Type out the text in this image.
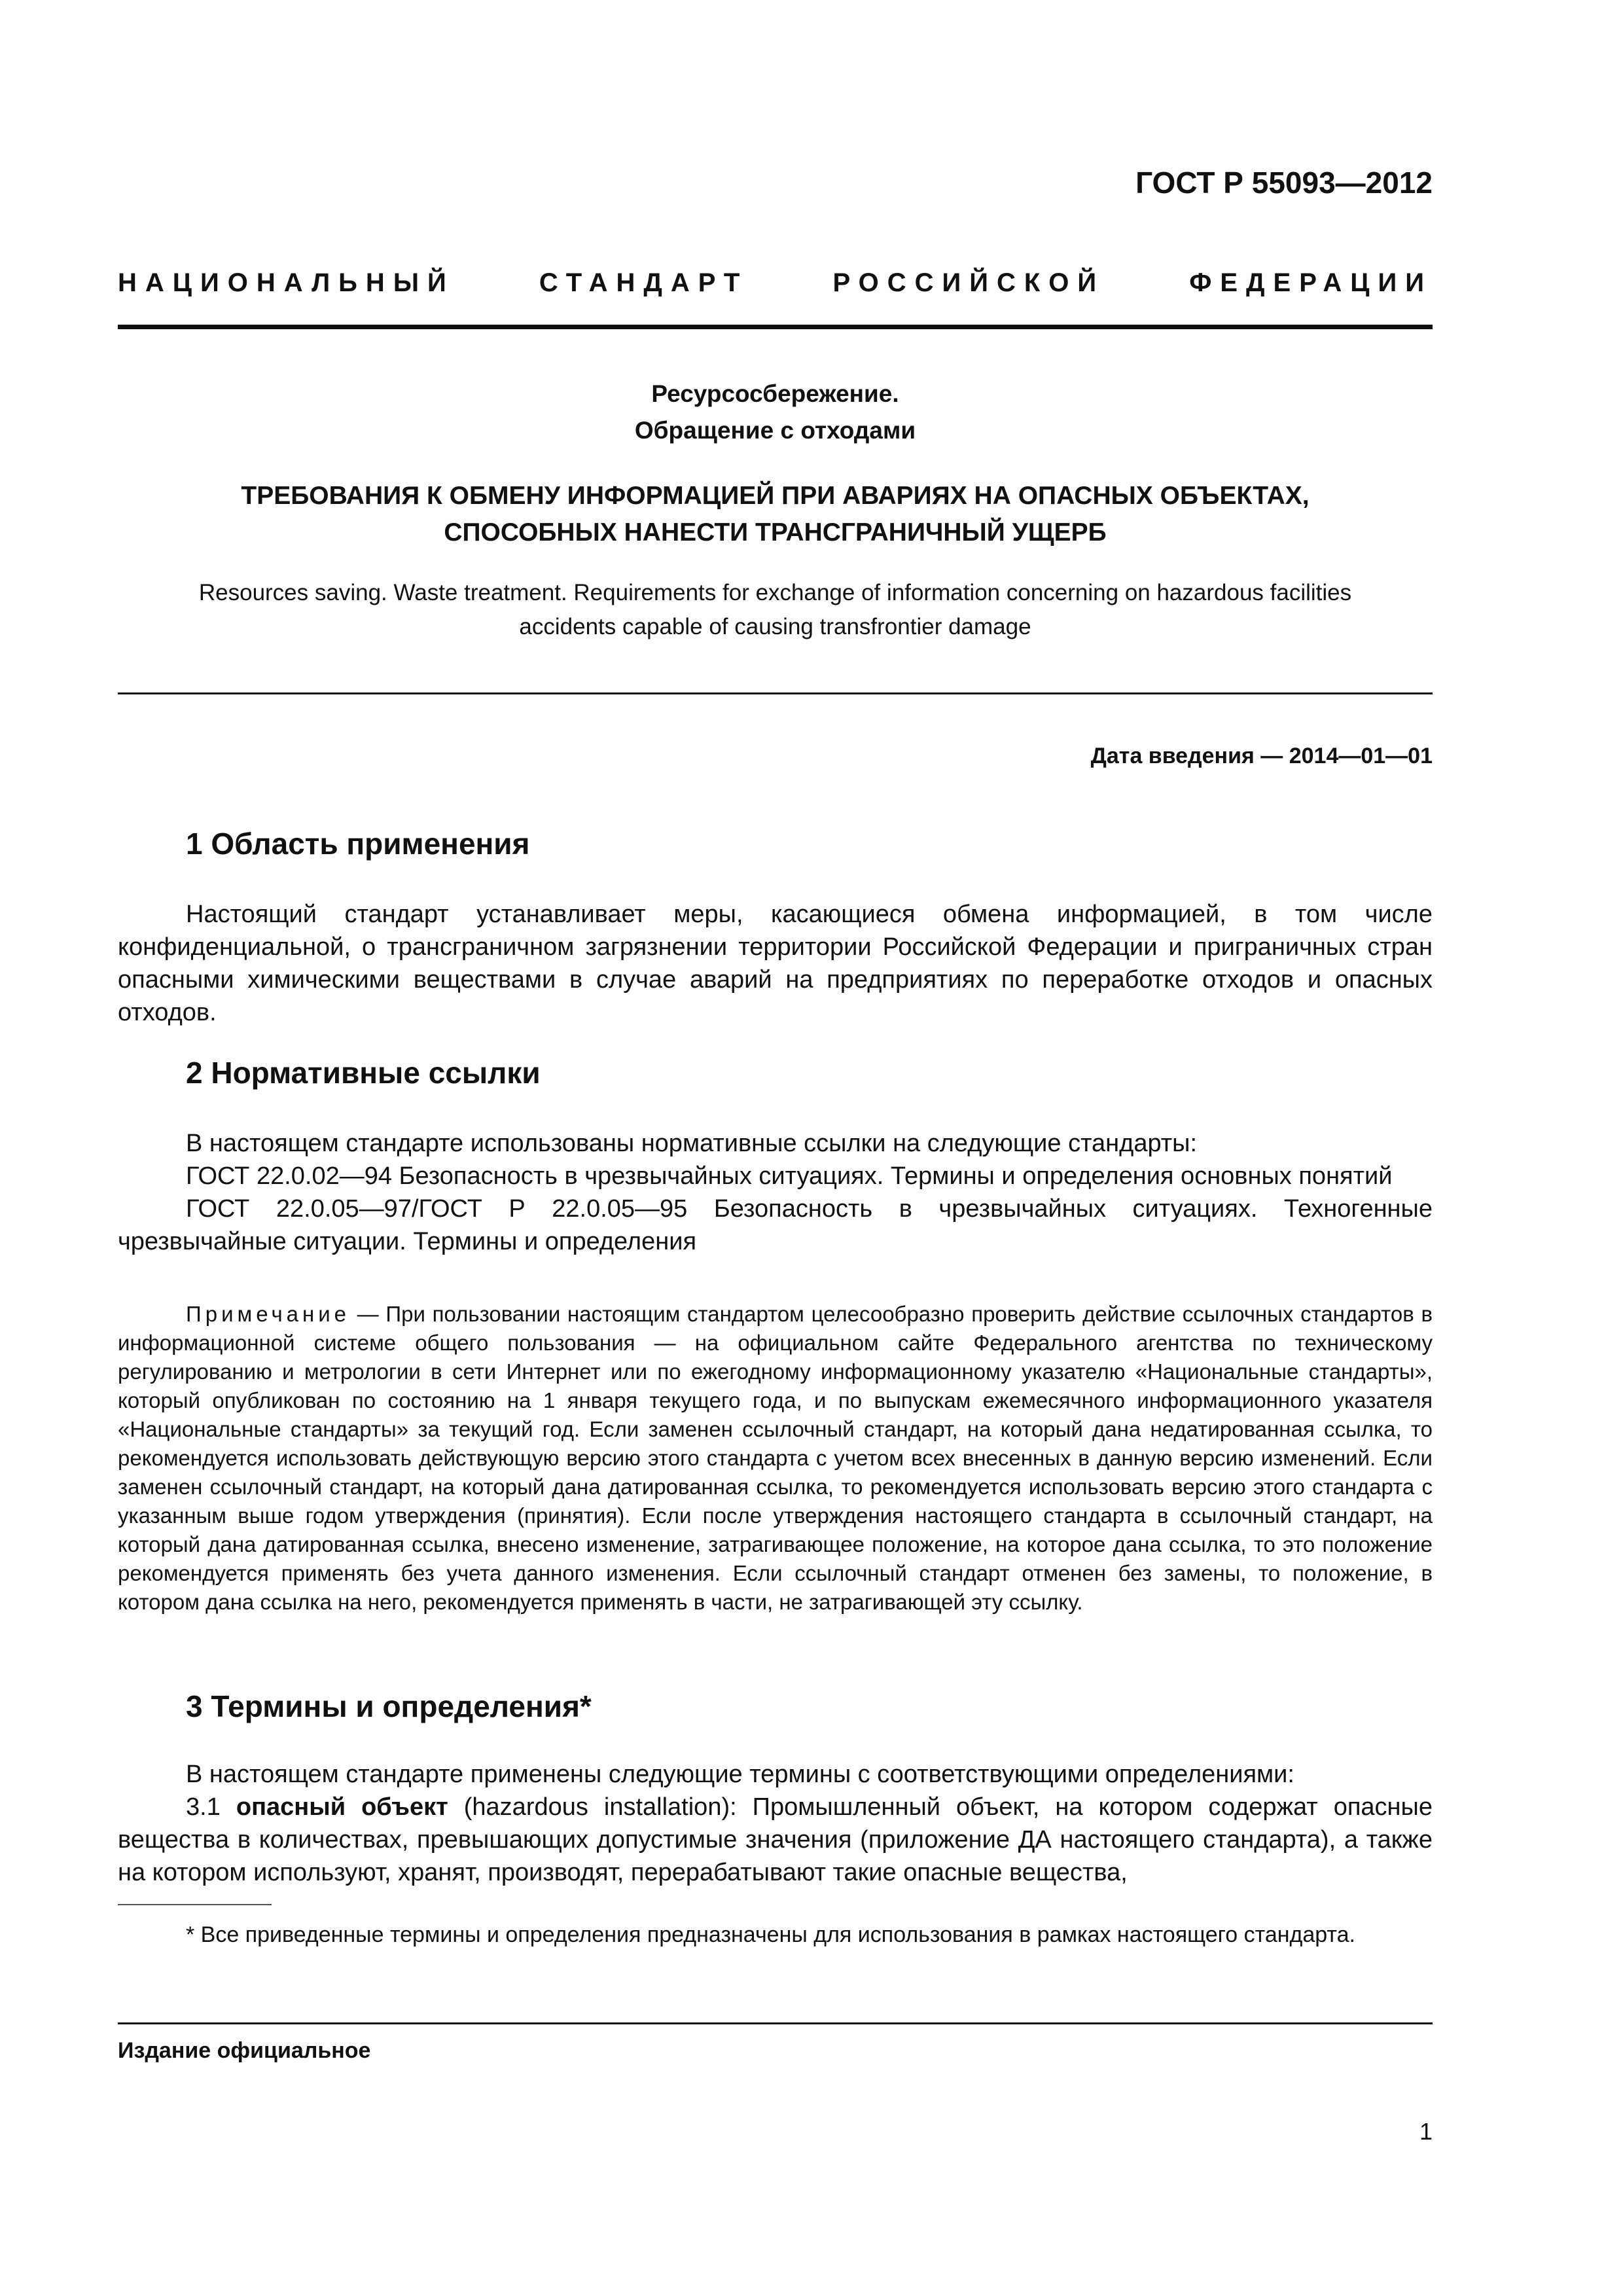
ГОСТ Р 55093—2012
НАЦИОНАЛЬНЫЙ	СТАНДАРТ	РОССИЙСКОЙ	ФЕДЕРАЦИИ
Ресурсосбережение.
Обращение с отходами
ТРЕБОВАНИЯ К ОБМЕНУ ИНФОРМАЦИЕЙ ПРИ АВАРИЯХ НА ОПАСНЫХ ОБЪЕКТАХ,
СПОСОБНЫХ НАНЕСТИ ТРАНСГРАНИЧНЫЙ УЩЕРБ
Resources saving. Waste treatment. Requirements for exchange of information concerning on hazardous facilities
accidents capable of causing transfrontier damage
Дата введения — 2014—01—01
1 Область применения

Настоящий стандарт устанавливает меры, касающиеся обмена информацией, в том числе конфиденциальной, о трансграничном загрязнении территории Российской Федерации и приграничных стран опасными химическими веществами в случае аварий на предприятиях по переработке отходов и опасных отходов.

2 Нормативные ссылки

В настоящем стандарте использованы нормативные ссылки на следующие стандарты:

ГОСТ 22.0.02—94 Безопасность в чрезвычайных ситуациях. Термины и определения основных понятий

ГОСТ 22.0.05—97/ГОСТ Р 22.0.05—95 Безопасность в чрезвычайных ситуациях. Техногенные чрезвычайные ситуации. Термины и определения

Примечание — При пользовании настоящим стандартом целесообразно проверить действие ссылочных стандартов в информационной системе общего пользования — на официальном сайте Федерального агентства по техническому регулированию и метрологии в сети Интернет или по ежегодному информационному указателю «Национальные стандарты», который опубликован по состоянию на 1 января текущего года, и по выпускам ежемесячного информационного указателя «Национальные стандарты» за текущий год. Если заменен ссылочный стандарт, на который дана недатированная ссылка, то рекомендуется использовать действующую версию этого стандарта с учетом всех внесенных в данную версию изменений. Если заменен ссылочный стандарт, на который дана датированная ссылка, то рекомендуется использовать версию этого стандарта с указанным выше годом утверждения (принятия). Если после утверждения настоящего стандарта в ссылочный стандарт, на который дана датированная ссылка, внесено изменение, затрагивающее положение, на которое дана ссылка, то это положение рекомендуется применять без учета данного изменения. Если ссылочный стандарт отменен без замены, то положение, в котором дана ссылка на него, рекомендуется применять в части, не затрагивающей эту ссылку.

3 Термины и определения*

В настоящем стандарте применены следующие термины с соответствующими определениями:

3.1 опасный объект (hazardous installation): Промышленный объект, на котором содержат опасные вещества в количествах, превышающих допустимые значения (приложение ДА настоящего стандарта), а также на котором используют, хранят, производят, перерабатывают такие опасные вещества,

* Все приведенные термины и определения предназначены для использования в рамках настоящего стандарта.

Издание официальное
1
